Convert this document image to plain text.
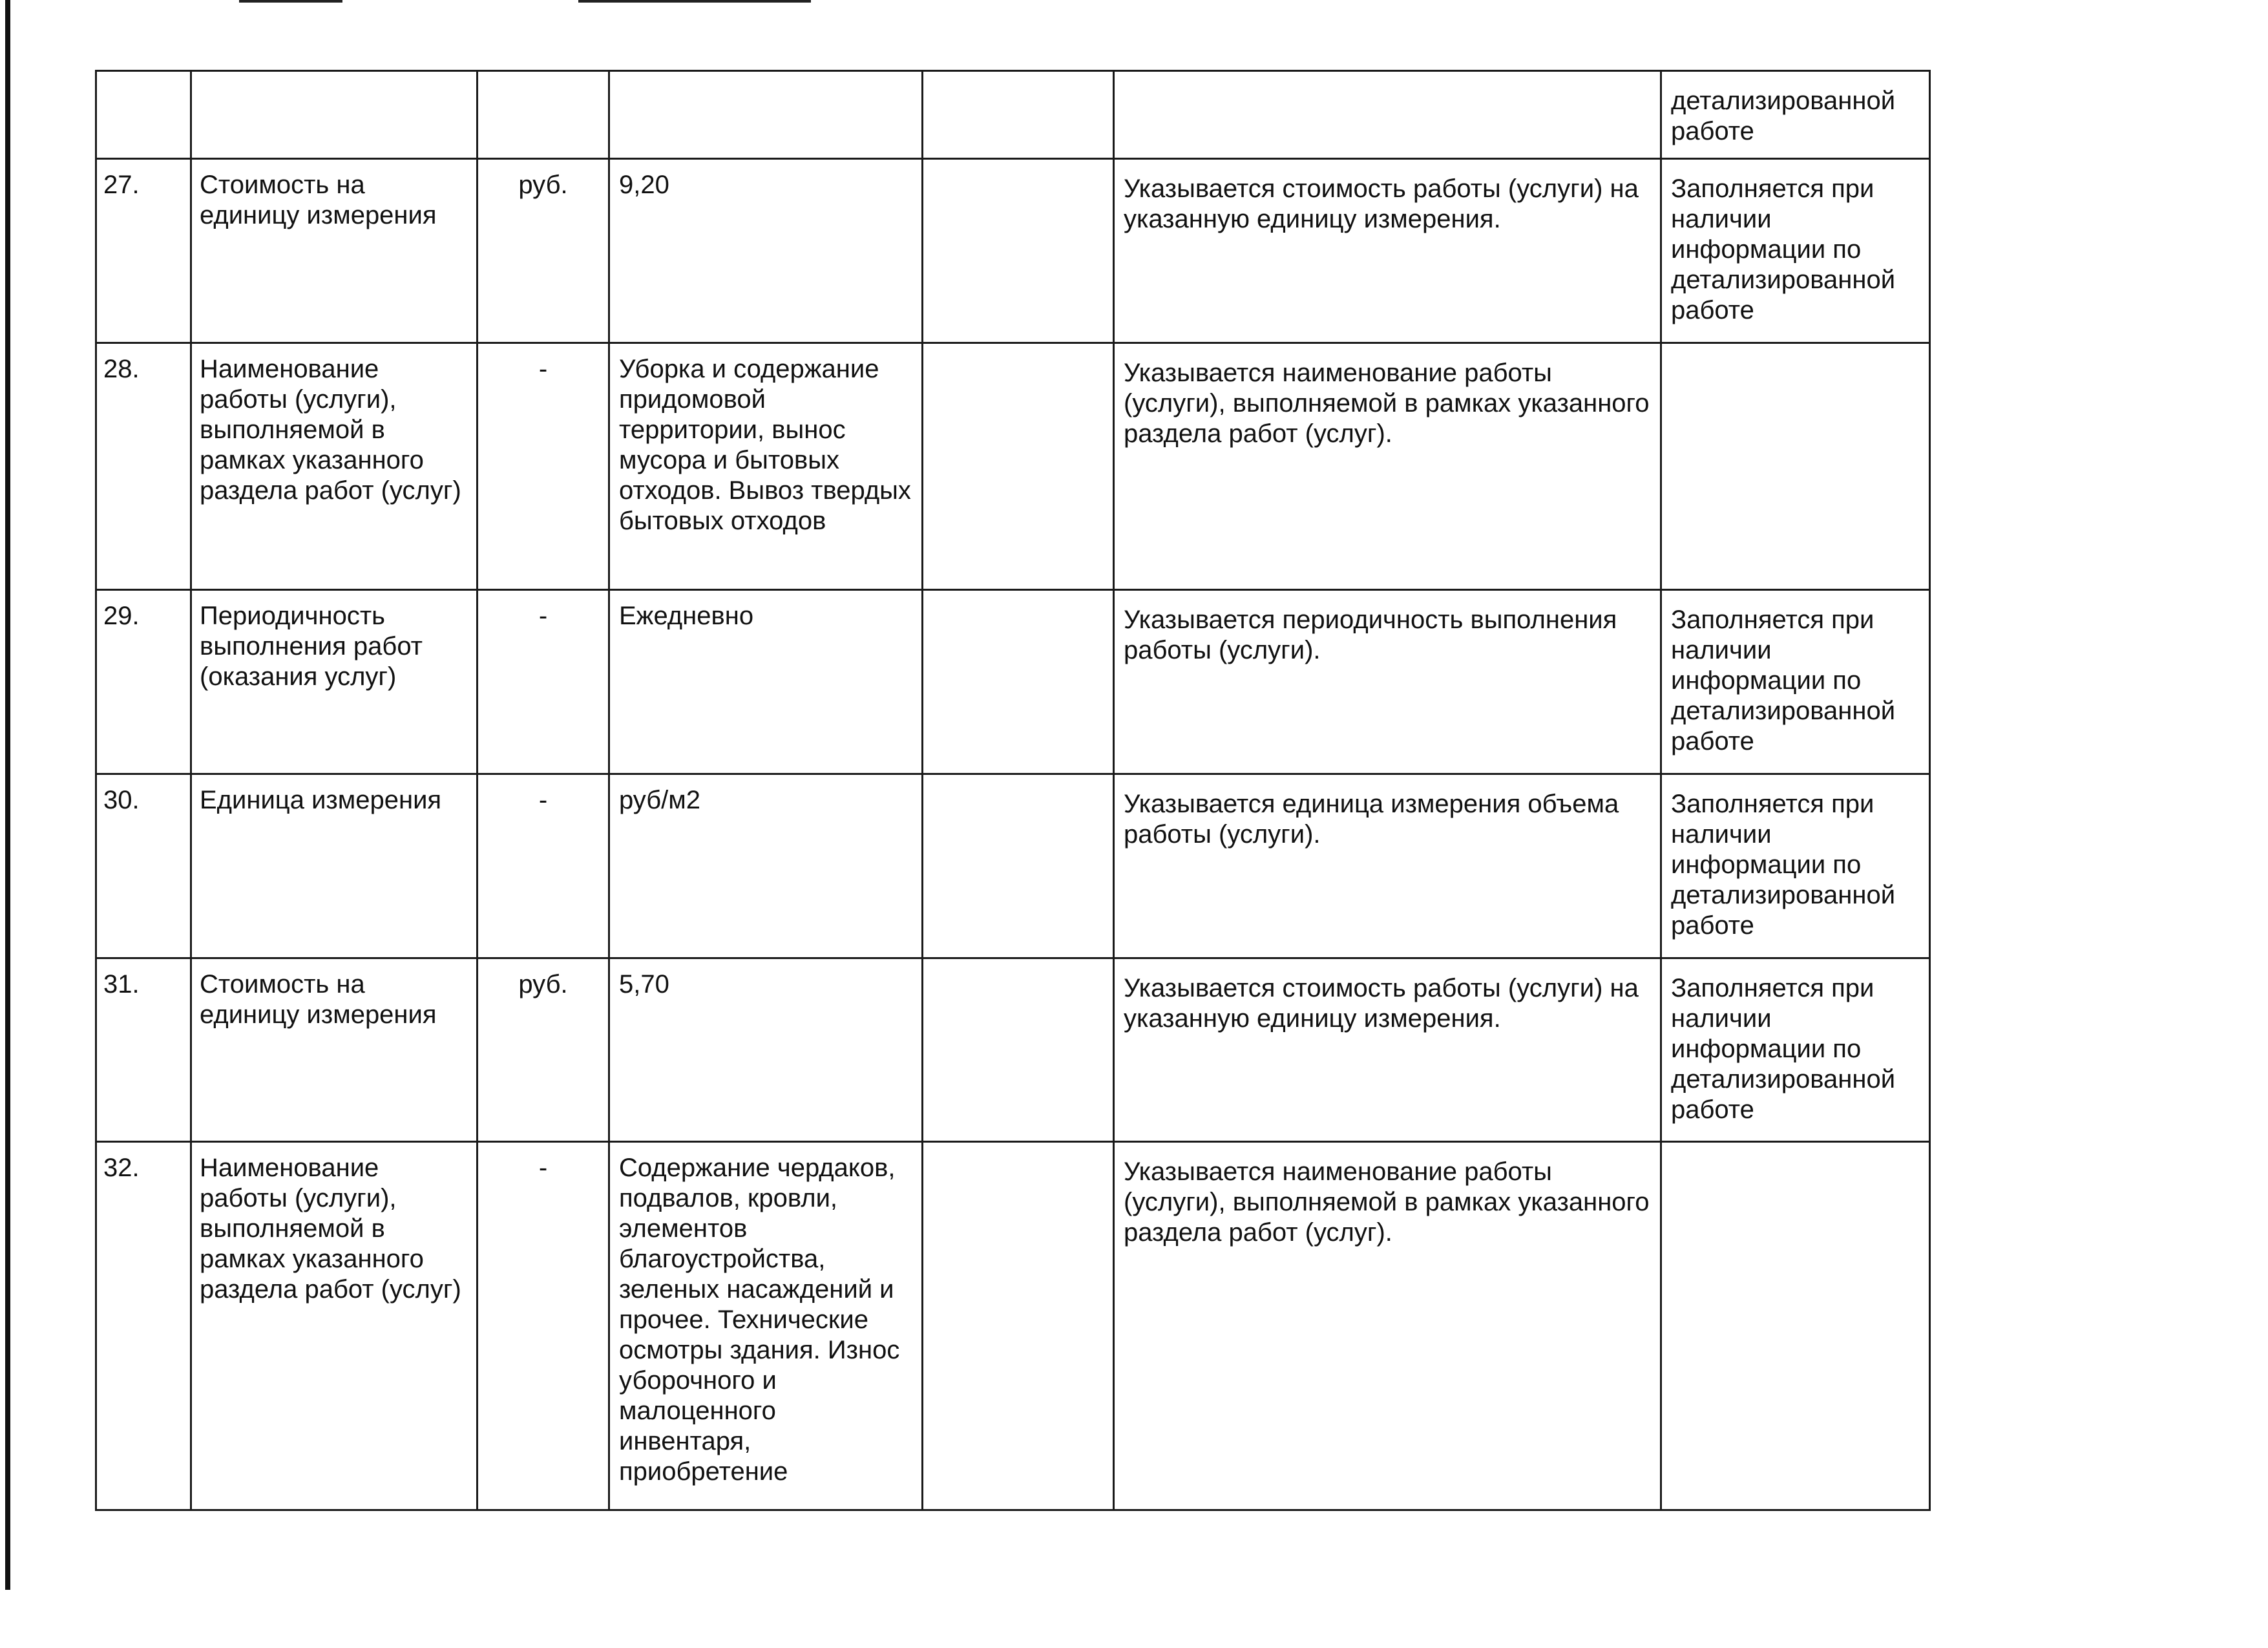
						детализированной работе
27.	Стоимость на единицу измерения	руб.	9,20		Указывается стоимость работы (услуги) на указанную единицу измерения.	Заполняется при наличии информации по детализированной работе
28.	Наименование работы (услуги), выполняемой в рамках указанного раздела работ (услуг)	-	Уборка и содержание придомовой территории, вынос мусора и бытовых отходов. Вывоз твердых бытовых отходов		Указывается наименование работы (услуги), выполняемой в рамках указанного раздела работ (услуг).	
29.	Периодичность выполнения работ (оказания услуг)	-	Ежедневно		Указывается периодичность выполнения работы (услуги).	Заполняется при наличии информации по детализированной работе
30.	Единица измерения	-	руб/м2		Указывается единица измерения объема работы (услуги).	Заполняется при наличии информации по детализированной работе
31.	Стоимость на единицу измерения	руб.	5,70		Указывается стоимость работы (услуги) на указанную единицу измерения.	Заполняется при наличии информации по детализированной работе
32.	Наименование работы (услуги), выполняемой в рамках указанного раздела работ (услуг)	-	Содержание чердаков, подвалов, кровли, элементов благоустройства, зеленых насаждений и прочее. Технические осмотры здания. Износ уборочного и малоценного инвентаря, приобретение		Указывается наименование работы (услуги), выполняемой в рамках указанного раздела работ (услуг).	
